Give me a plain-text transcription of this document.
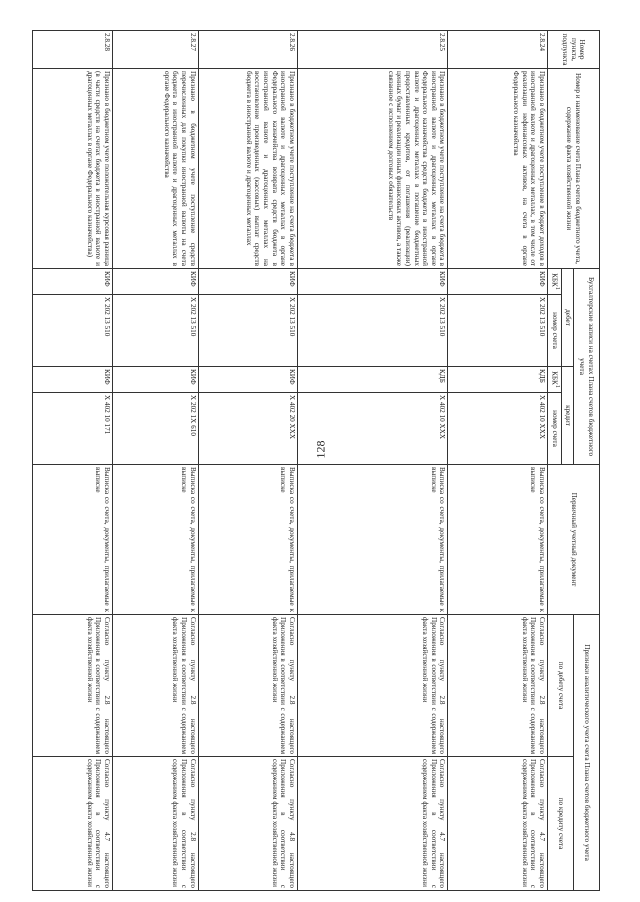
128
Номер пункта, подпункта	Номер и наименование счета Плана счетов бюджетного учета, содержание факта хозяйственной жизни	Бухгалтерские записи на счетах Плана счетов бюджетного учета				Первичный учетный документ	Признаки аналитического учета счета Плана счетов бюджетного учета	
		дебет		кредит			по дебету счета	по кредиту счета
		КБК$^1$	номер счета	КБК$^1$	номер счета			
2.8.24	Признано в бюджетном учете поступление в бюджет доходов в иностранной валюте и драгоценных металлах, в том числе от реализации нефинансовых активов, на счета в органе Федерального казначейства	КИФ	Х 202 13 510	КДБ	Х 402 10 ХХХ	Выписка со счета, документы, прилагаемые к выписке	Согласно пункту 2.8 настоящего Приложения в соответствии с содержанием факта хозяйственной жизни	Согласно пункту 4.7 настоящего Приложения в соответствии с содержанием факта хозяйственной жизни
2.8.25	Признано в бюджетном учете поступление на счета бюджета в иностранной валюте и драгоценных металлах в органе Федерального казначейства средств бюджета в иностранной валюте и драгоценных металлах в погашение бюджетных предоставленных кредитов, от погашения (реализации) ценных бумаг и реализации иных финансовых активов, а также связанное с исполнением долговых обязательств	КИФ	Х 202 13 510	КДБ	Х 402 10 ХХХ	Выписка со счета, документы, прилагаемые к выписке	Согласно пункту 2.8 настоящего Приложения в соответствии с содержанием факта хозяйственной жизни	Согласно пункту 4.7 настоящего Приложения в соответствии с содержанием факта хозяйственной жизни
2.8.26	Признано в бюджетном учете поступление на счета бюджета в иностранной валюте и драгоценных металлах в органе Федерального казначейства возврата средств бюджета в иностранной валюте и драгоценных металлах на восстановление произведенных (кассовых) выплат средств бюджета в иностранной валюте и драгоценных металлах	КИФ	Х 202 13 510	КИФ	Х 402 20 ХХХ	Выписка со счета, документы, прилагаемые к выписке	Согласно пункту 2.8 настоящего Приложения в соответствии с содержанием факта хозяйственной жизни	Согласно пункту 4.8 настоящего Приложения в соответствии с содержанием факта хозяйственной жизни
2.8.27	Признано в бюджетном учете поступление средств перечисленных для покупки иностранной валюты на счета бюджета в иностранной валюте и драгоценных металлах в органе Федерального казначейства	КИФ	Х 202 13 510	КИФ	Х 202 1Х 610	Выписка со счета, документы, прилагаемые к выписке	Согласно пункту 2.8 настоящего Приложения в соответствии с содержанием факта хозяйственной жизни	Согласно пункту 2.8 настоящего Приложения в соответствии с содержанием факта хозяйственной жизни
2.8.28	Признано в бюджетном учете положительная курсовая разница (в части средств на счетах бюджета в иностранной валюте и драгоценных металлах в органе Федерального казначейства)	КИФ	Х 202 13 510	КИФ	Х 402 10 171	Выписка со счета, документы, прилагаемые к выписке	Согласно пункту 2.8 настоящего Приложения в соответствии с содержанием факта хозяйственной жизни	Согласно пункту 4.7 настоящего Приложения в соответствии с содержанием факта хозяйственной жизни
